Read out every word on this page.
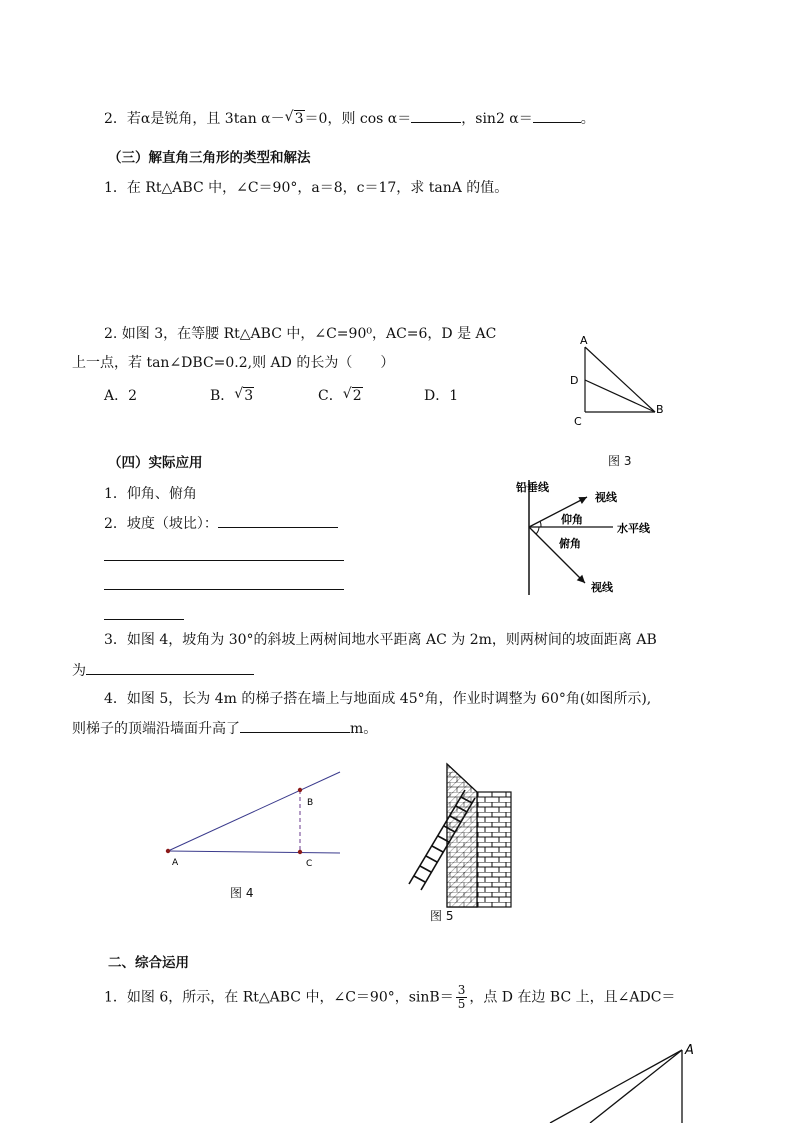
2．若α是锐角，且 3tan α－ √ 3＝0，则 cos α＝	，sin2 α＝	。
（三）解直角三角形的类型和解法
1．在 Rt△ABC 中，∠C＝90°，a＝8，c＝17，求 tanA 的值。
2. 如图 3，在等腰 Rt△ABC 中，∠C=90⁰，AC=6，D 是 AC
上一点，若 tan∠DBC=0.2,则 AD 的长为（　　）
A．2	B． √ 3	C． √ 2	D．1
A
D
C
B
图 3
（四）实际应用
1．仰角、俯角
2．坡度（坡比）：
铅垂线
视线
仰角
水平线
俯角
视线
3．如图 4，坡角为 30°的斜坡上两树间地水平距离 AC 为 2m，则两树间的坡面距离 AB
为
4．如图 5，长为 4m 的梯子搭在墙上与地面成 45°角，作业时调整为 60°角(如图所示),
则梯子的顶端沿墙面升高了	m。
A
B
C
图 4
图 5
二、综合运用
1．如图 6，所示，在 Rt△ABC 中，∠C＝90°，$\sin B= \frac{3}{5}$ ，点 D 在边 BC 上，且∠ADC＝
A
